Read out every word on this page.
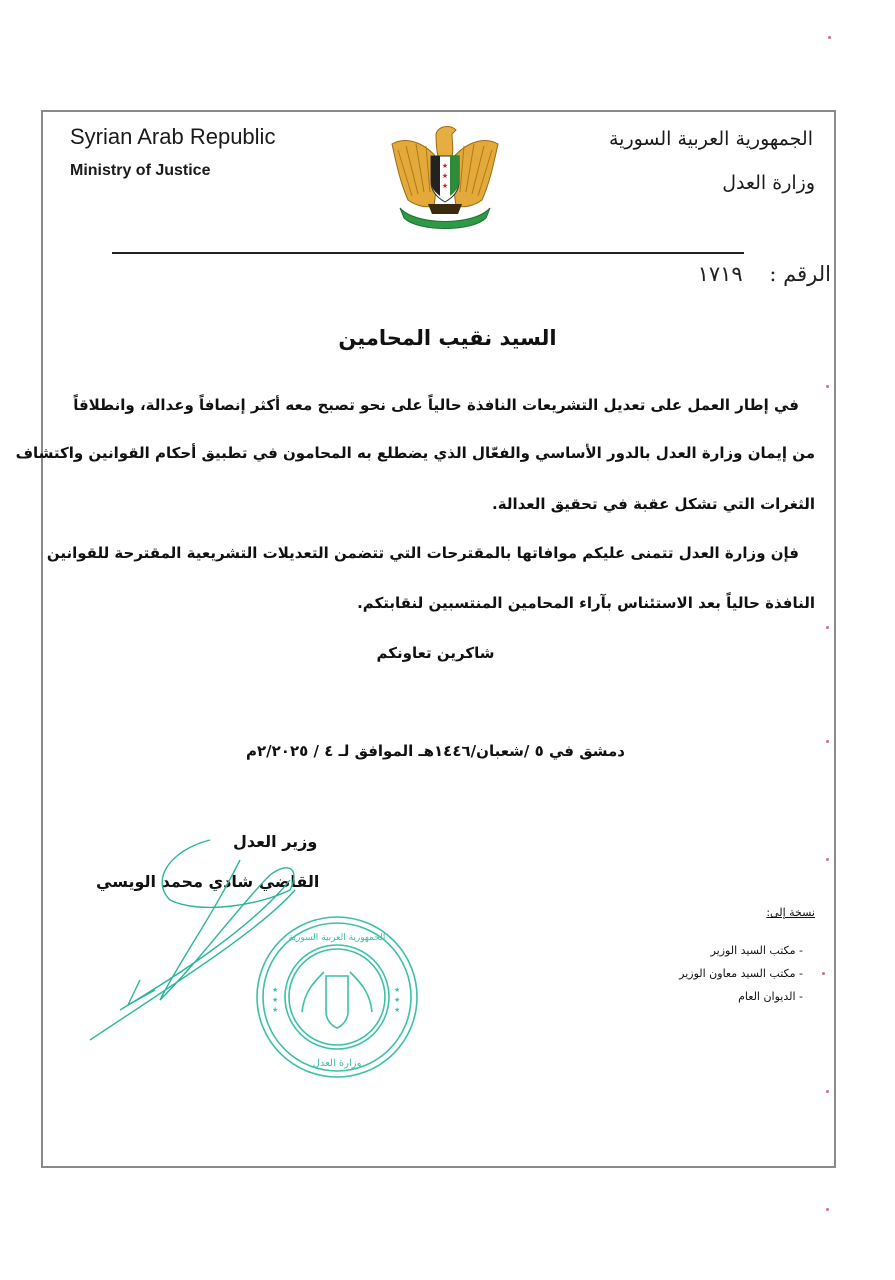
Syrian Arab Republic
Ministry of Justice
الجمهورية العربية السورية
وزارة العدل
★
★
★
الرقم : ١٧١٩
السيد نقيب المحامين
في إطار العمل على تعديل التشريعات النافذة حالياً على نحو تصبح معه أكثر إنصافاً وعدالة، وانطلاقاً
من إيمان وزارة العدل بالدور الأساسي والفعّال الذي يضطلع به المحامون في تطبيق أحكام القوانين واكتشاف
الثغرات التي تشكل عقبة في تحقيق العدالة.
فإن وزارة العدل تتمنى عليكم موافاتها بالمقترحات التي تتضمن التعديلات التشريعية المقترحة للقوانين
النافذة حالياً بعد الاستئناس بآراء المحامين المنتسبين لنقابتكم.
شاكرين تعاونكم
دمشق في ٥ /شعبان/١٤٤٦هـ الموافق لـ ٤ / ٢/٢٠٢٥م
وزير العدل
القاضي شادي محمد الويسي
★
★
★
★
★
★
الجمهورية العربية السورية
وزارة العدل
نسخة إلى:
- مكتب السيد الوزير
- مكتب السيد معاون الوزير
- الديوان العام
